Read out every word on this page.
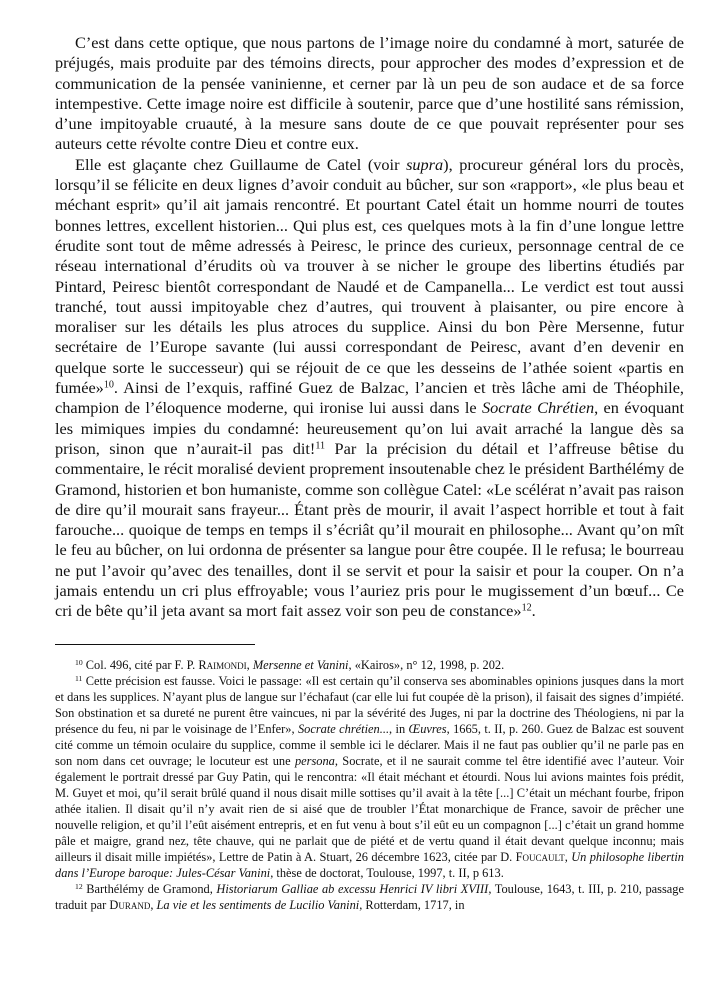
C’est dans cette optique, que nous partons de l’image noire du condamné à mort, saturée de préjugés, mais produite par des témoins directs, pour approcher des modes d’expression et de communication de la pensée vaninienne, et cerner par là un peu de son audace et de sa force intempestive. Cette image noire est difficile à soutenir, parce que d’une hostilité sans rémission, d’une impitoyable cruauté, à la mesure sans doute de ce que pouvait représenter pour ses auteurs cette révolte contre Dieu et contre eux.

Elle est glaçante chez Guillaume de Catel (voir supra), procureur général lors du procès, lorsqu’il se félicite en deux lignes d’avoir conduit au bûcher, sur son «rapport», «le plus beau et méchant esprit» qu’il ait jamais rencontré. Et pourtant Catel était un homme nourri de toutes bonnes lettres, excellent historien... Qui plus est, ces quelques mots à la fin d’une longue lettre érudite sont tout de même adressés à Peiresc, le prince des curieux, personnage central de ce réseau international d’érudits où va trouver à se nicher le groupe des libertins étudiés par Pintard, Peiresc bientôt correspondant de Naudé et de Campanella... Le verdict est tout aussi tranché, tout aussi impitoyable chez d’autres, qui trouvent à plaisanter, ou pire encore à moraliser sur les détails les plus atroces du supplice. Ainsi du bon Père Mersenne, futur secrétaire de l’Europe savante (lui aussi correspondant de Peiresc, avant d’en devenir en quelque sorte le successeur) qui se réjouit de ce que les desseins de l’athée soient «partis en fumée»$^{10}$. Ainsi de l’exquis, raffiné Guez de Balzac, l’ancien et très lâche ami de Théophile, champion de l’éloquence moderne, qui ironise lui aussi dans le Socrate Chrétien, en évoquant les mimiques impies du condamné: heureusement qu’on lui avait arraché la langue dès sa prison, sinon que n’aurait-il pas dit!$^{11}$ Par la précision du détail et l’affreuse bêtise du commentaire, le récit moralisé devient proprement insoutenable chez le président Barthélémy de Gramond, historien et bon humaniste, comme son collègue Catel: «Le scélérat n’avait pas raison de dire qu’il mourait sans frayeur... Étant près de mourir, il avait l’aspect horrible et tout à fait farouche... quoique de temps en temps il s’écriât qu’il mourait en philosophe... Avant qu’on mît le feu au bûcher, on lui ordonna de présenter sa langue pour être coupée. Il le refusa; le bourreau ne put l’avoir qu’avec des tenailles, dont il se servit et pour la saisir et pour la couper. On n’a jamais entendu un cri plus effroyable; vous l’auriez pris pour le mugissement d’un bœuf... Ce cri de bête qu’il jeta avant sa mort fait assez voir son peu de constance»$^{12}$.

$^{10}$ Col. 496, cité par F. P. Raimondi, Mersenne et Vanini, «Kairos», n° 12, 1998, p. 202.

$^{11}$ Cette précision est fausse. Voici le passage: «Il est certain qu’il conserva ses abominables opinions jusques dans la mort et dans les supplices. N’ayant plus de langue sur l’échafaut (car elle lui fut coupée dè la prison), il faisait des signes d’impiété. Son obstination et sa dureté ne purent être vaincues, ni par la sévérité des Juges, ni par la doctrine des Théologiens, ni par la présence du feu, ni par le voisinage de l’Enfer», Socrate chrétien..., in Œuvres, 1665, t. II, p. 260. Guez de Balzac est souvent cité comme un témoin oculaire du supplice, comme il semble ici le déclarer. Mais il ne faut pas oublier qu’il ne parle pas en son nom dans cet ouvrage; le locuteur est une persona, Socrate, et il ne saurait comme tel être identifié avec l’auteur. Voir également le portrait dressé par Guy Patin, qui le rencontra: «Il était méchant et étourdi. Nous lui avions maintes fois prédit, M. Guyet et moi, qu’il serait brûlé quand il nous disait mille sottises qu’il avait à la tête [...] C’était un méchant fourbe, fripon athée italien. Il disait qu’il n’y avait rien de si aisé que de troubler l’État monarchique de France, savoir de prêcher une nouvelle religion, et qu’il l’eût aisément entrepris, et en fut venu à bout s’il eût eu un compagnon [...] c’était un grand homme pâle et maigre, grand nez, tête chauve, qui ne parlait que de piété et de vertu quand il était devant quelque inconnu; mais ailleurs il disait mille impiétés», Lettre de Patin à A. Stuart, 26 décembre 1623, citée par D. Foucault, Un philosophe libertin dans l’Europe baroque: Jules-César Vanini, thèse de doctorat, Toulouse, 1997, t. II, p 613.

$^{12}$ Barthélémy de Gramond, Historiarum Galliae ab excessu Henrici IV libri XVIII, Toulouse, 1643, t. III, p. 210, passage traduit par Durand, La vie et les sentiments de Lucilio Vanini, Rotterdam, 1717, in
